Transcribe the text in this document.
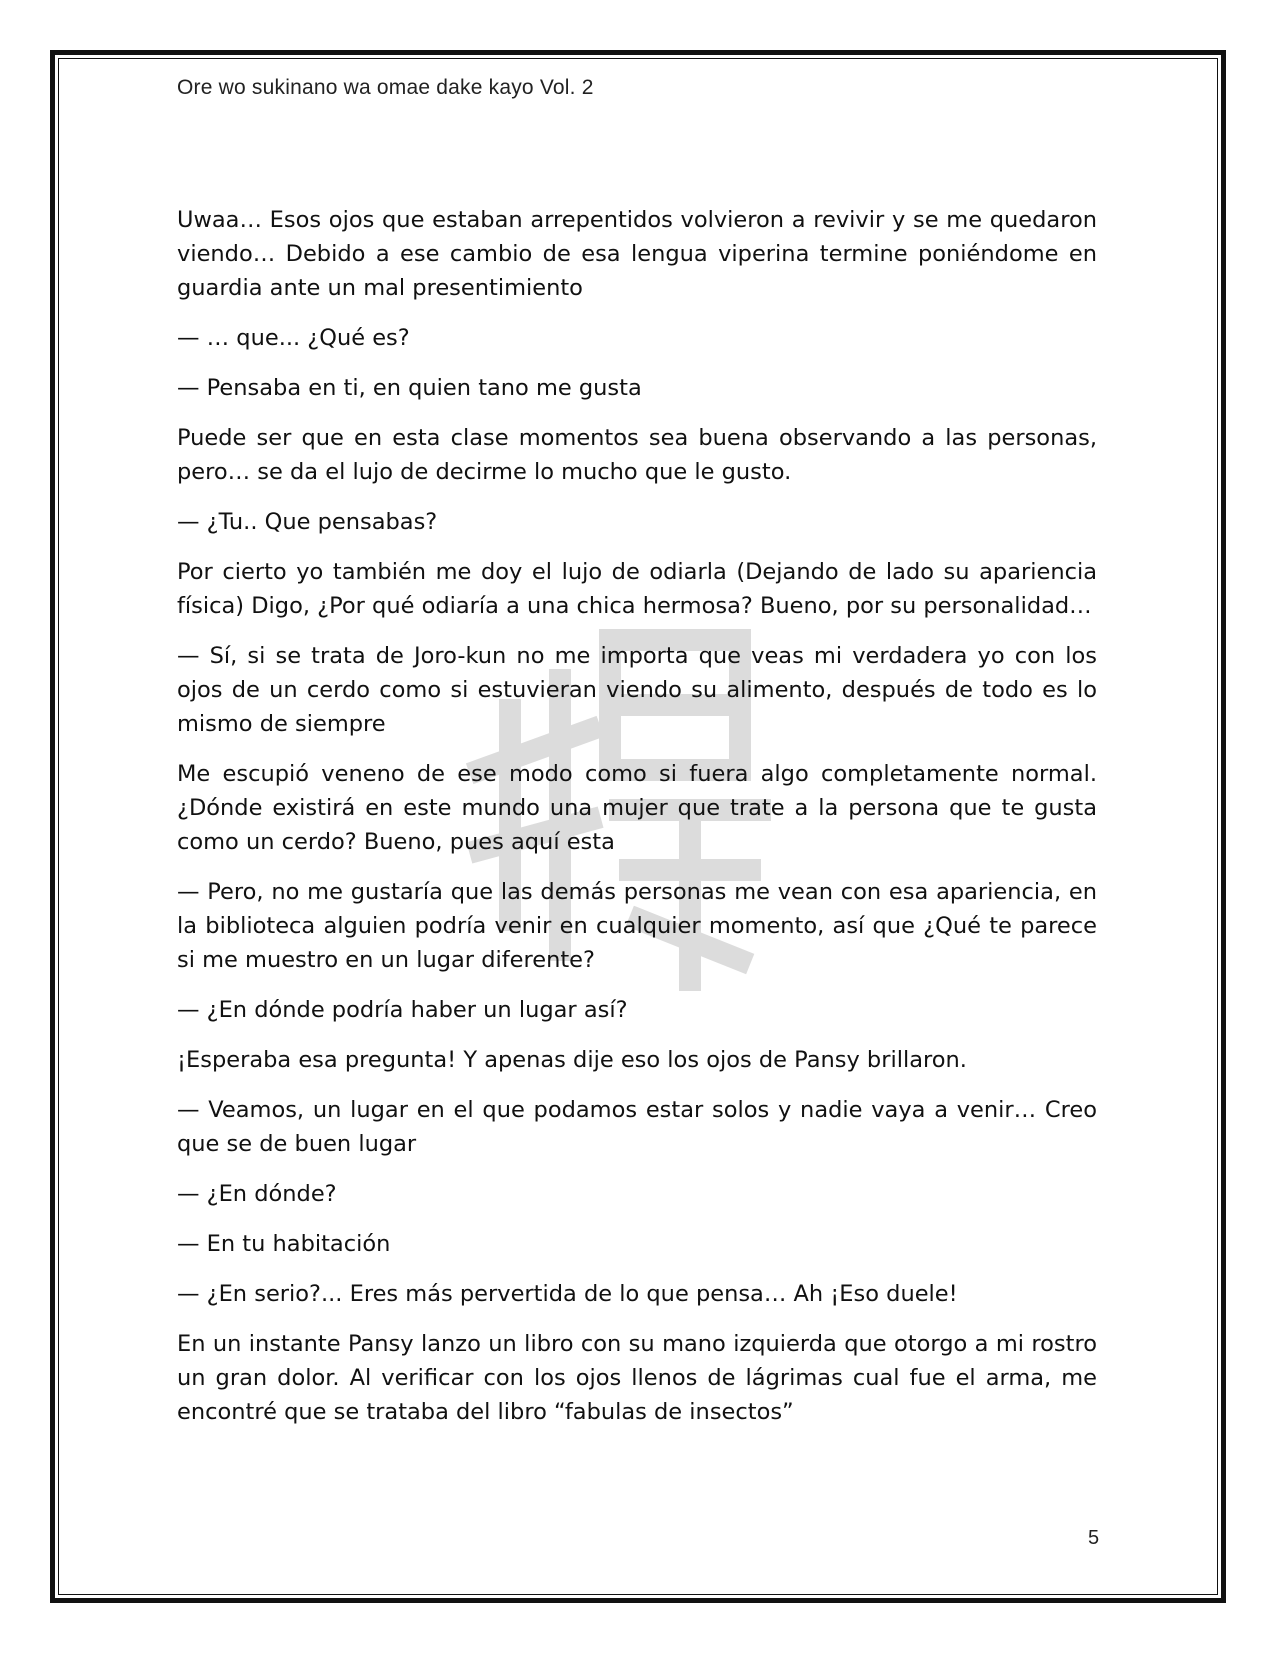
Ore wo sukinano wa omae dake kayo Vol. 2

Uwaa… Esos ojos que estaban arrepentidos volvieron a revivir y se me quedaron viendo… Debido a ese cambio de esa lengua viperina termine poniéndome en guardia ante un mal presentimiento

— … que... ¿Qué es?

— Pensaba en ti, en quien tano me gusta

Puede ser que en esta clase momentos sea buena observando a las personas, pero… se da el lujo de decirme lo mucho que le gusto.

— ¿Tu.. Que pensabas?

Por cierto yo también me doy el lujo de odiarla (Dejando de lado su apariencia física) Digo, ¿Por qué odiaría a una chica hermosa? Bueno, por su personalidad…

— Sí, si se trata de Joro-kun no me importa que veas mi verdadera yo con los ojos de un cerdo como si estuvieran viendo su alimento, después de todo es lo mismo de siempre

Me escupió veneno de ese modo como si fuera algo completamente normal. ¿Dónde existirá en este mundo una mujer que trate a la persona que te gusta como un cerdo? Bueno, pues aquí esta

— Pero, no me gustaría que las demás personas me vean con esa apariencia, en la biblioteca alguien podría venir en cualquier momento, así que ¿Qué te parece si me muestro en un lugar diferente?

— ¿En dónde podría haber un lugar así?

¡Esperaba esa pregunta! Y apenas dije eso los ojos de Pansy brillaron.

— Veamos, un lugar en el que podamos estar solos y nadie vaya a venir… Creo que se de buen lugar

— ¿En dónde?

— En tu habitación

— ¿En serio?... Eres más pervertida de lo que pensa… Ah ¡Eso duele!

En un instante Pansy lanzo un libro con su mano izquierda que otorgo a mi rostro un gran dolor. Al verificar con los ojos llenos de lágrimas cual fue el arma, me encontré que se trataba del libro “fabulas de insectos”

5
